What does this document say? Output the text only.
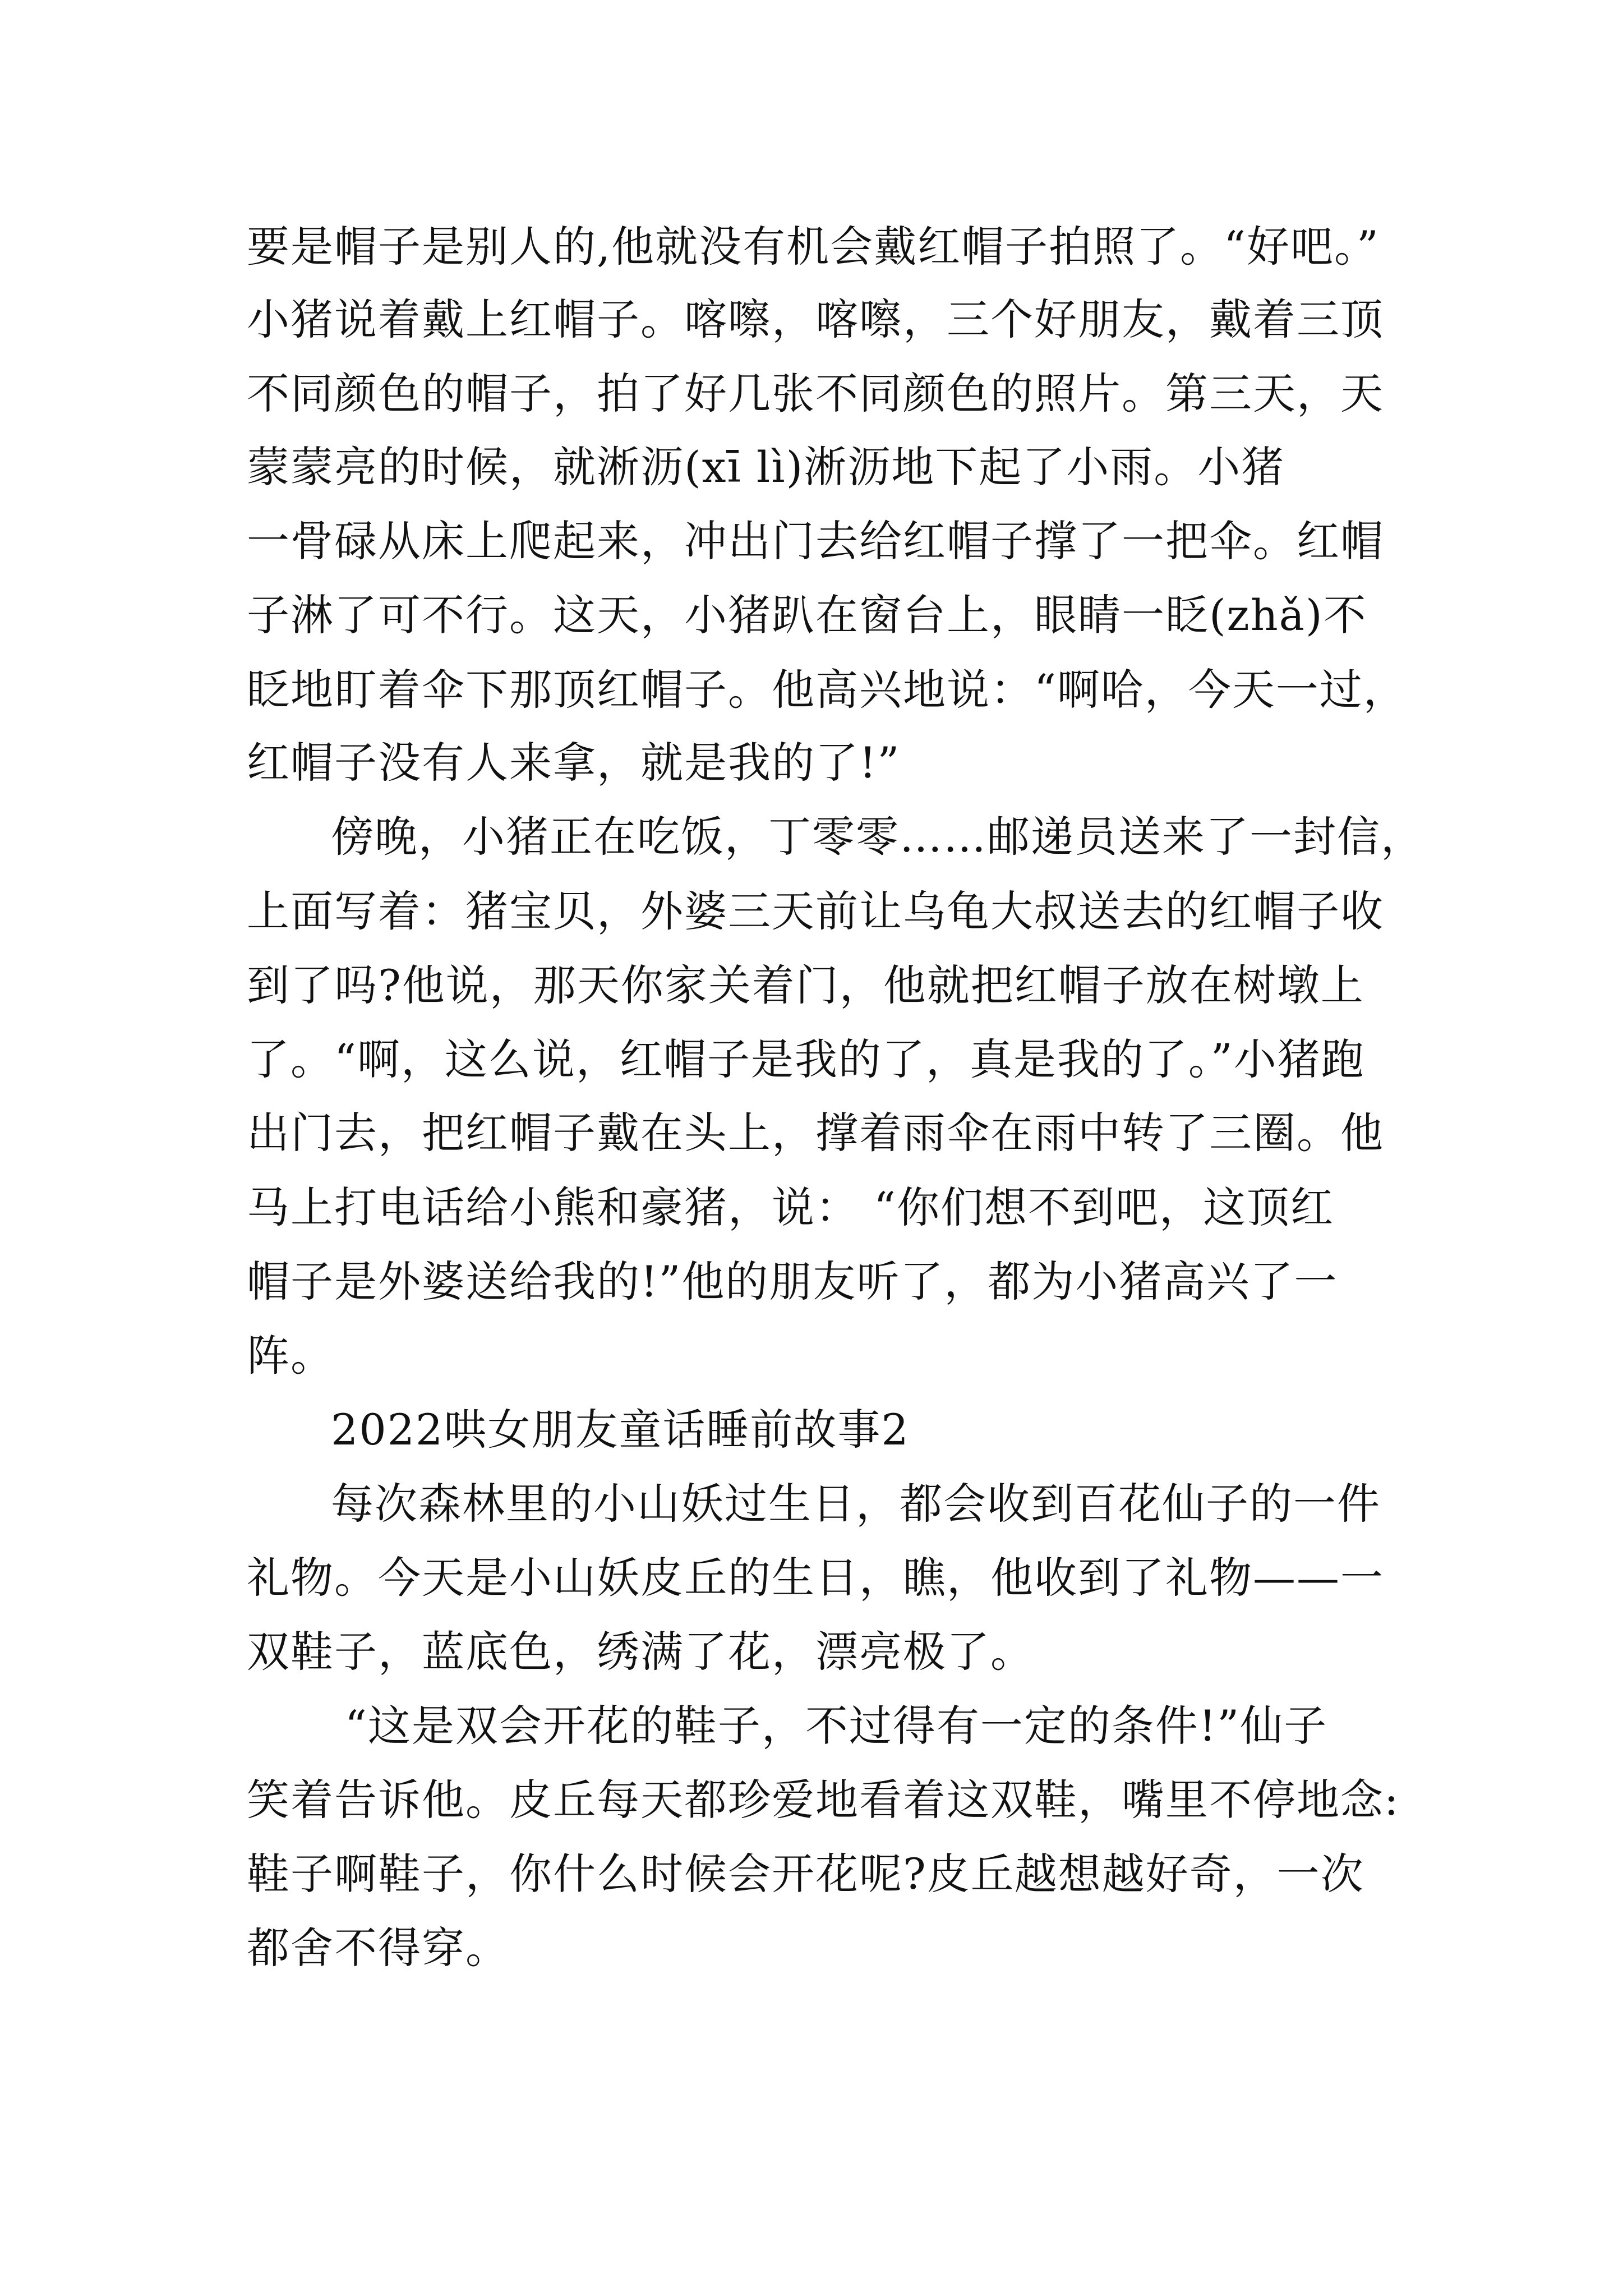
要是帽子是别人的,他就没有机会戴红帽子拍照了。“好吧。”

小猪说着戴上红帽子。喀嚓，喀嚓，三个好朋友，戴着三顶

不同颜色的帽子，拍了好几张不同颜色的照片。第三天，天

蒙蒙亮的时候，就淅沥(xī lì)淅沥地下起了小雨。小猪

一骨碌从床上爬起来，冲出门去给红帽子撑了一把伞。红帽

子淋了可不行。这天，小猪趴在窗台上，眼睛一眨(zhǎ)不

眨地盯着伞下那顶红帽子。他高兴地说：“啊哈，今天一过，

红帽子没有人来拿，就是我的了!”

傍晚，小猪正在吃饭，丁零零……邮递员送来了一封信，

上面写着：猪宝贝，外婆三天前让乌龟大叔送去的红帽子收

到了吗?他说，那天你家关着门，他就把红帽子放在树墩上

了。“啊，这么说，红帽子是我的了，真是我的了。”小猪跑

出门去，把红帽子戴在头上，撑着雨伞在雨中转了三圈。他

马上打电话给小熊和豪猪，说： “你们想不到吧，这顶红

帽子是外婆送给我的!”他的朋友听了，都为小猪高兴了一

阵。

2022哄女朋友童话睡前故事2

每次森林里的小山妖过生日，都会收到百花仙子的一件

礼物。今天是小山妖皮丘的生日，瞧，他收到了礼物——一

双鞋子，蓝底色，绣满了花，漂亮极了。

“这是双会开花的鞋子，不过得有一定的条件!”仙子

笑着告诉他。皮丘每天都珍爱地看着这双鞋，嘴里不停地念:

鞋子啊鞋子，你什么时候会开花呢?皮丘越想越好奇，一次

都舍不得穿。
